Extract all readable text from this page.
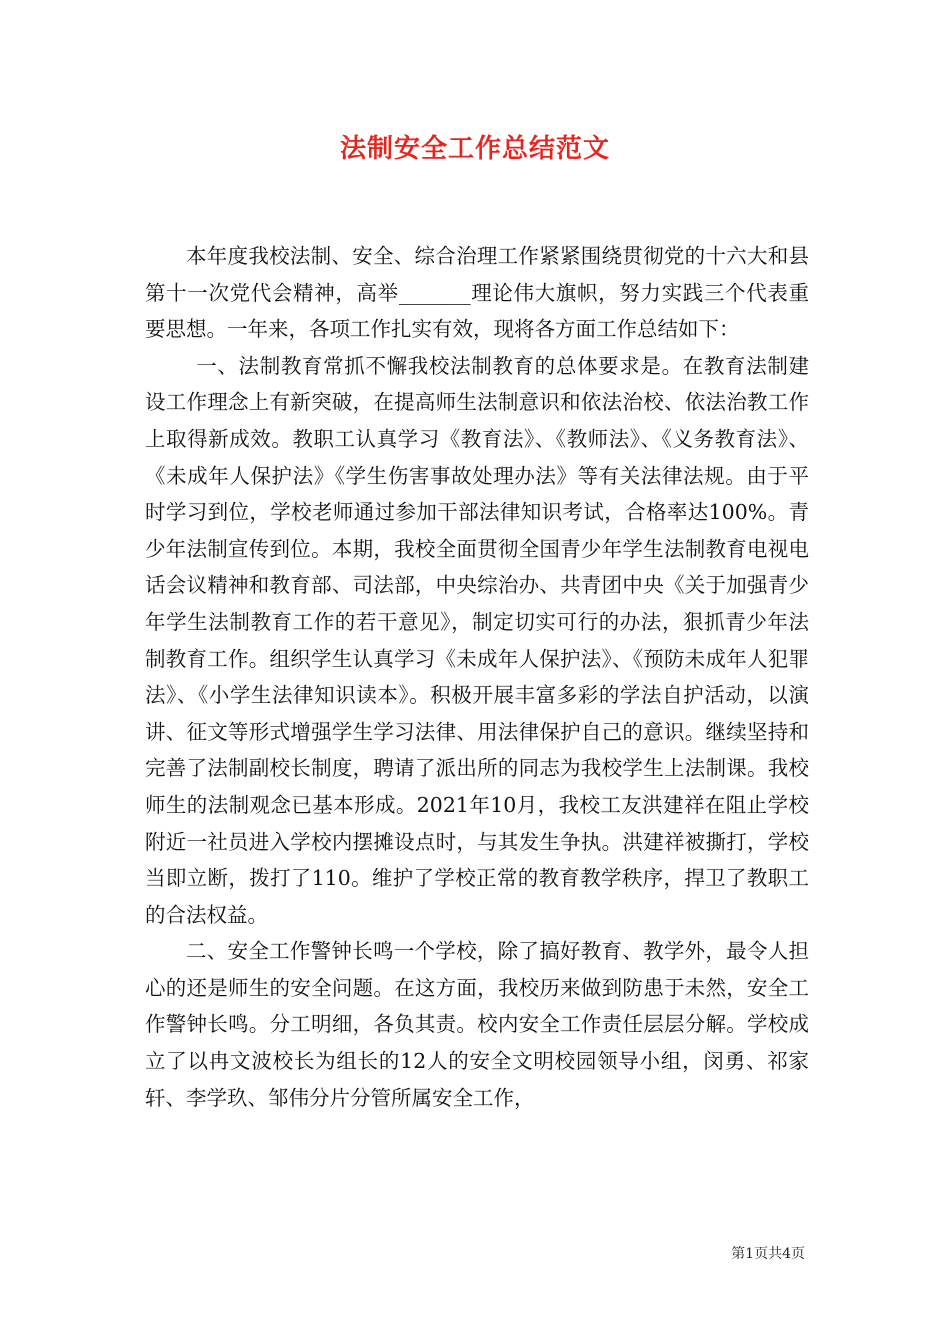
法制安全工作总结范文

本年度我校法制、安全、综合治理工作紧紧围绕贯彻党的十六大和县第十一次党代会精神，高举_______理论伟大旗帜，努力实践三个代表重要思想。一年来，各项工作扎实有效，现将各方面工作总结如下：

一、法制教育常抓不懈我校法制教育的总体要求是。在教育法制建设工作理念上有新突破，在提高师生法制意识和依法治校、依法治教工作上取得新成效。教职工认真学习《教育法》、《教师法》、《义务教育法》、《未成年人保护法》《学生伤害事故处理办法》等有关法律法规。由于平时学习到位，学校老师通过参加干部法律知识考试，合格率达100%。青少年法制宣传到位。本期，我校全面贯彻全国青少年学生法制教育电视电话会议精神和教育部、司法部，中央综治办、共青团中央《关于加强青少年学生法制教育工作的若干意见》，制定切实可行的办法，狠抓青少年法制教育工作。组织学生认真学习《未成年人保护法》、《预防未成年人犯罪法》、《小学生法律知识读本》。积极开展丰富多彩的学法自护活动，以演讲、征文等形式增强学生学习法律、用法律保护自己的意识。继续坚持和完善了法制副校长制度，聘请了派出所的同志为我校学生上法制课。我校师生的法制观念已基本形成。2021年10月，我校工友洪建祥在阻止学校附近一社员进入学校内摆摊设点时，与其发生争执。洪建祥被撕打，学校当即立断，拨打了110。维护了学校正常的教育教学秩序，捍卫了教职工的合法权益。

二、安全工作警钟长鸣一个学校，除了搞好教育、教学外，最令人担心的还是师生的安全问题。在这方面，我校历来做到防患于未然，安全工作警钟长鸣。分工明细，各负其责。校内安全工作责任层层分解。学校成立了以冉文波校长为组长的12人的安全文明校园领导小组，闵勇、祁家轩、李学玖、邹伟分片分管所属安全工作，

第1页共4页
